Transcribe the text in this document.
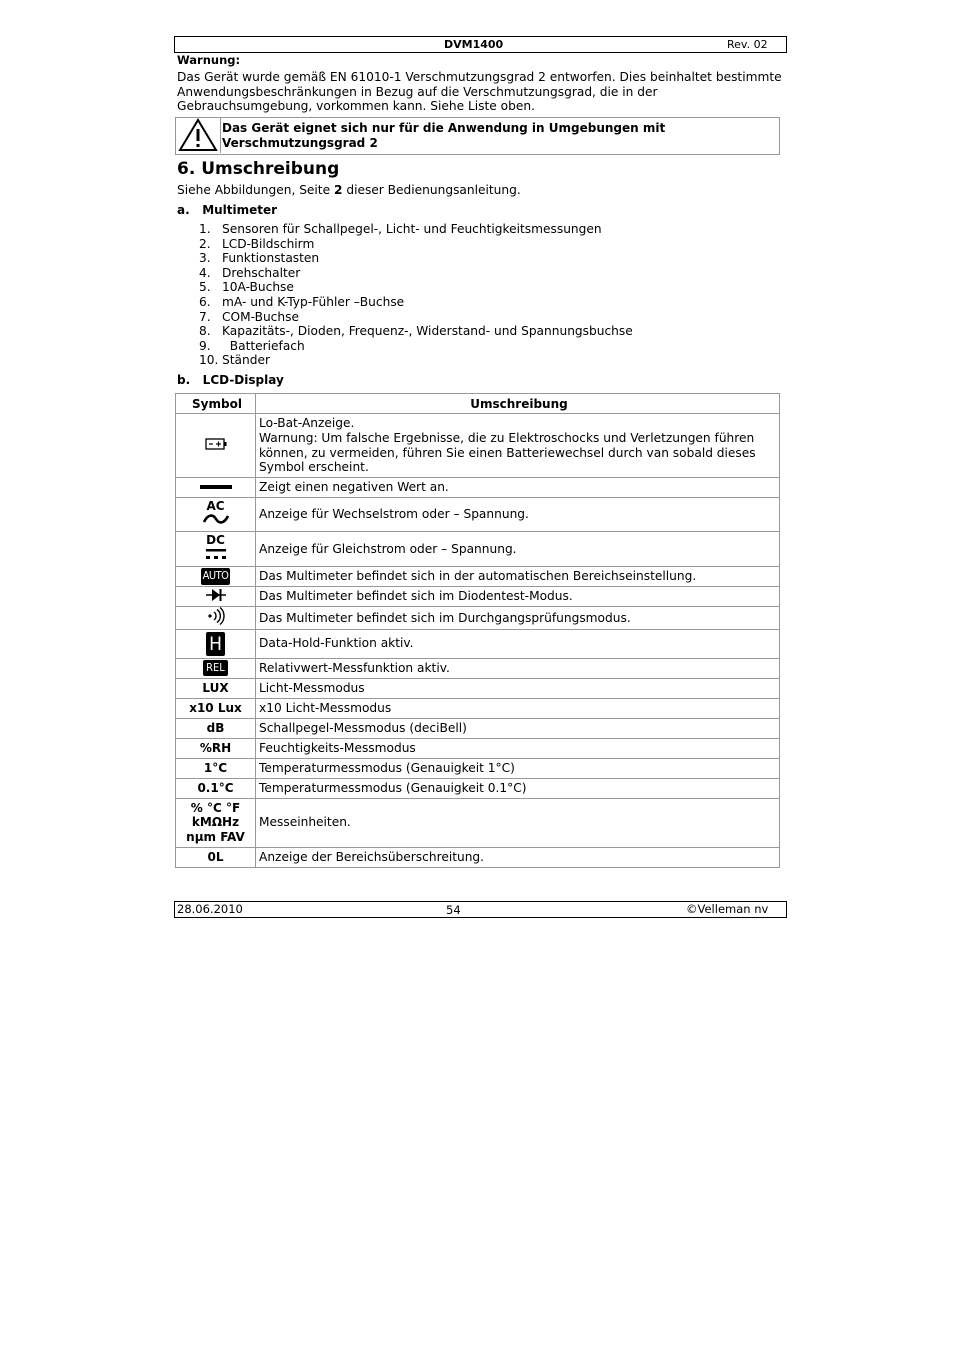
DVM1400	Rev. 02
Warnung:
Das Gerät wurde gemäß EN 61010-1 Verschmutzungsgrad 2 entworfen. Dies beinhaltet bestimmte Anwendungsbeschränkungen in Bezug auf die Verschmutzungsgrad, die in der Gebrauchsumgebung, vorkommen kann. Siehe Liste oben.
Das Gerät eignet sich nur für die Anwendung in Umgebungen mit Verschmutzungsgrad 2
6. Umschreibung
Siehe Abbildungen, Seite 2 dieser Bedienungsanleitung.
a.   Multimeter
1. Sensoren für Schallpegel-, Licht- und Feuchtigkeitsmessungen
2. LCD-Bildschirm
3. Funktionstasten
4. Drehschalter
5. 10A-Buchse
6. mA- und K-Typ-Fühler –Buchse
7. COM-Buchse
8. Kapazitäts-, Dioden, Frequenz-, Widerstand- und Spannungsbuchse
9.  Batteriefach
10. Ständer
b.   LCD-Display
Symbol	Umschreibung
	Lo-Bat-Anzeige.
Warnung: Um falsche Ergebnisse, die zu Elektroschocks und Verletzungen führen können, zu vermeiden, führen Sie einen Batteriewechsel durch van sobald dieses Symbol erscheint.
	Zeigt einen negativen Wert an.

AC	Anzeige für Wechselstrom oder – Spannung.

DC	Anzeige für Gleichstrom oder – Spannung.
AUTO	Das Multimeter befindet sich in der automatischen Bereichseinstellung.
	Das Multimeter befindet sich im Diodentest-Modus.
	Das Multimeter befindet sich im Durchgangsprüfungsmodus.
H	Data-Hold-Funktion aktiv.
REL	Relativwert-Messfunktion aktiv.
LUX	Licht-Messmodus
x10 Lux	x10 Licht-Messmodus
dB	Schallpegel-Messmodus (deciBell)
%RH	Feuchtigkeits-Messmodus
1°C	Temperaturmessmodus (Genauigkeit 1°C)
0.1°C	Temperaturmessmodus (Genauigkeit 0.1°C)

% °C °F
kMΩHz
nµm FAV	Messeinheiten.
0L	Anzeige der Bereichsüberschreitung.
28.06.2010	54	©Velleman nv
